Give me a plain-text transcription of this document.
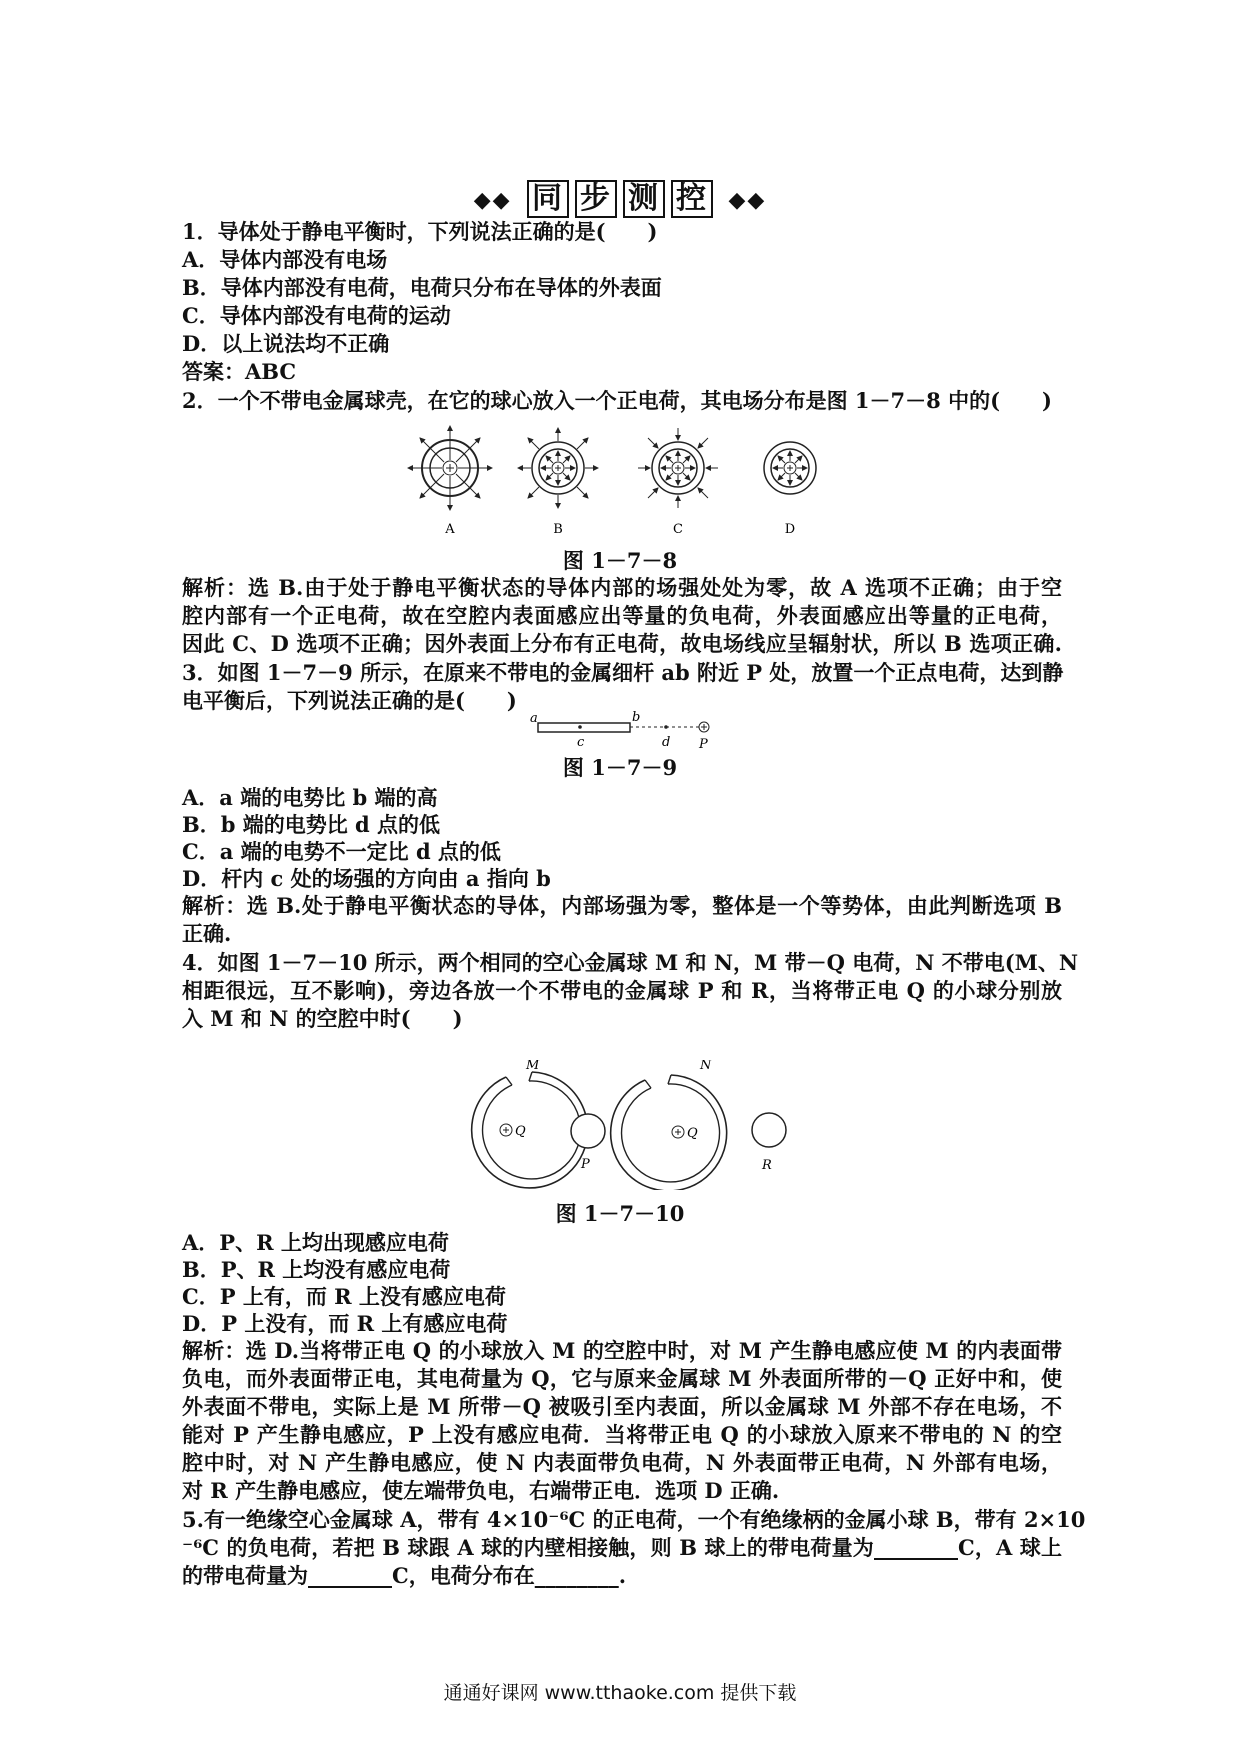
◆◆ 同 步 测 控 ◆◆
1．导体处于静电平衡时，下列说法正确的是(　　)
A．导体内部没有电场
B．导体内部没有电荷，电荷只分布在导体的外表面
C．导体内部没有电荷的运动
D．以上说法均不正确
答案：ABC
2．一个不带电金属球壳，在它的球心放入一个正电荷，其电场分布是图 1－7－8 中的(　　)
A	B	C	D
图 1－7－8
解析：选 B.由于处于静电平衡状态的导体内部的场强处处为零，故 A 选项不正确；由于空
腔内部有一个正电荷，故在空腔内表面感应出等量的负电荷，外表面感应出等量的正电荷，
因此 C、D 选项不正确；因外表面上分布有正电荷，故电场线应呈辐射状，所以 B 选项正确.
3．如图 1－7－9 所示，在原来不带电的金属细杆 ab 附近 P 处，放置一个正点电荷，达到静
电平衡后，下列说法正确的是(　　)
a	b
c	d P
图 1－7－9
A．a 端的电势比 b 端的高
B．b 端的电势比 d 点的低
C．a 端的电势不一定比 d 点的低
D．杆内 c 处的场强的方向由 a 指向 b
解析：选 B.处于静电平衡状态的导体，内部场强为零，整体是一个等势体，由此判断选项 B
正确.
4．如图 1－7－10 所示，两个相同的空心金属球 M 和 N，M 带－Q 电荷，N 不带电(M、N
相距很远，互不影响)，旁边各放一个不带电的金属球 P 和 R，当将带正电 Q 的小球分别放
入 M 和 N 的空腔中时(　　)
Q
M
P
Q
N
R
图 1－7－10
A．P、R 上均出现感应电荷
B．P、R 上均没有感应电荷
C．P 上有，而 R 上没有感应电荷
D．P 上没有，而 R 上有感应电荷
解析：选 D.当将带正电 Q 的小球放入 M 的空腔中时，对 M 产生静电感应使 M 的内表面带
负电，而外表面带正电，其电荷量为 Q，它与原来金属球 M 外表面所带的－Q 正好中和，使
外表面不带电，实际上是 M 所带－Q 被吸引至内表面，所以金属球 M 外部不存在电场，不
能对 P 产生静电感应，P 上没有感应电荷．当将带正电 Q 的小球放入原来不带电的 N 的空
腔中时，对 N 产生静电感应，使 N 内表面带负电荷，N 外表面带正电荷，N 外部有电场，
对 R 产生静电感应，使左端带负电，右端带正电．选项 D 正确.
5.有一绝缘空心金属球 A，带有 4×10⁻⁶C 的正电荷，一个有绝缘柄的金属小球 B，带有 2×10
⁻⁶C 的负电荷，若把 B 球跟 A 球的内壁相接触，则 B 球上的带电荷量为________C，A 球上
的带电荷量为________C，电荷分布在________.
通通好课网 www.tthaoke.com 提供下载
